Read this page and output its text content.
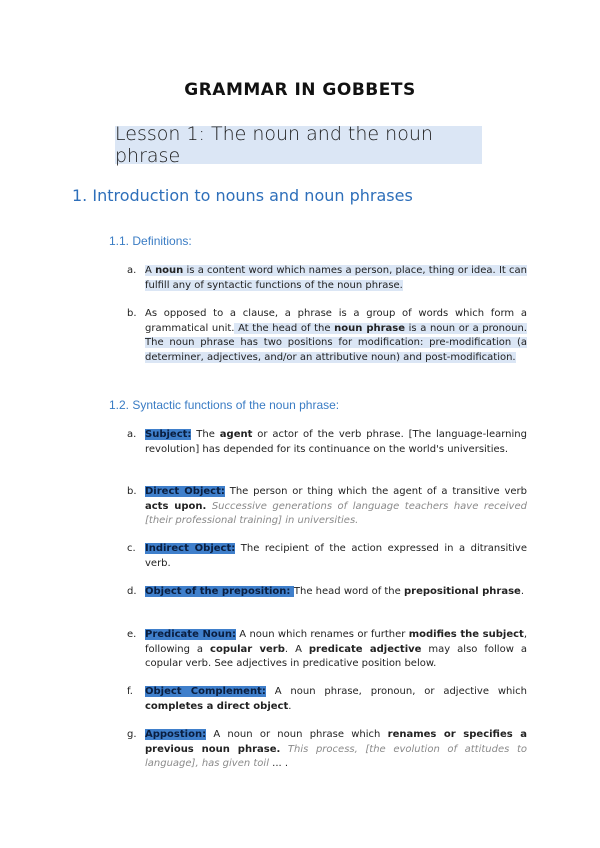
GRAMMAR IN GOBBETS
Lesson 1: The noun and the noun phrase
1. Introduction to nouns and noun phrases
1.1. Definitions:
a. A noun is a content word which names a person, place, thing or idea. It can fulfill any of syntactic functions of the noun phrase.
b. As opposed to a clause, a phrase is a group of words which form a grammatical unit. At the head of the noun phrase is a noun or a pronoun. The noun phrase has two positions for modification: pre-modification (a determiner, adjectives, and/or an attributive noun) and post-modification.
1.2. Syntactic functions of the noun phrase:
a. Subject: The agent or actor of the verb phrase. [The language-learning revolution] has depended for its continuance on the world's universities.
b. Direct Object: The person or thing which the agent of a transitive verb acts upon. Successive generations of language teachers have received [their professional training] in universities.
c. Indirect Object: The recipient of the action expressed in a ditransitive verb.
d. Object of the preposition: The head word of the prepositional phrase.
e. Predicate Noun: A noun which renames or further modifies the subject, following a copular verb. A predicate adjective may also follow a copular verb. See adjectives in predicative position below.
f.	Object Complement: A noun phrase, pronoun, or adjective which completes a direct object.
g. Appostion: A noun or noun phrase which renames or specifies a previous noun phrase. This process, [the evolution of attitudes to language], has given toil ... .
